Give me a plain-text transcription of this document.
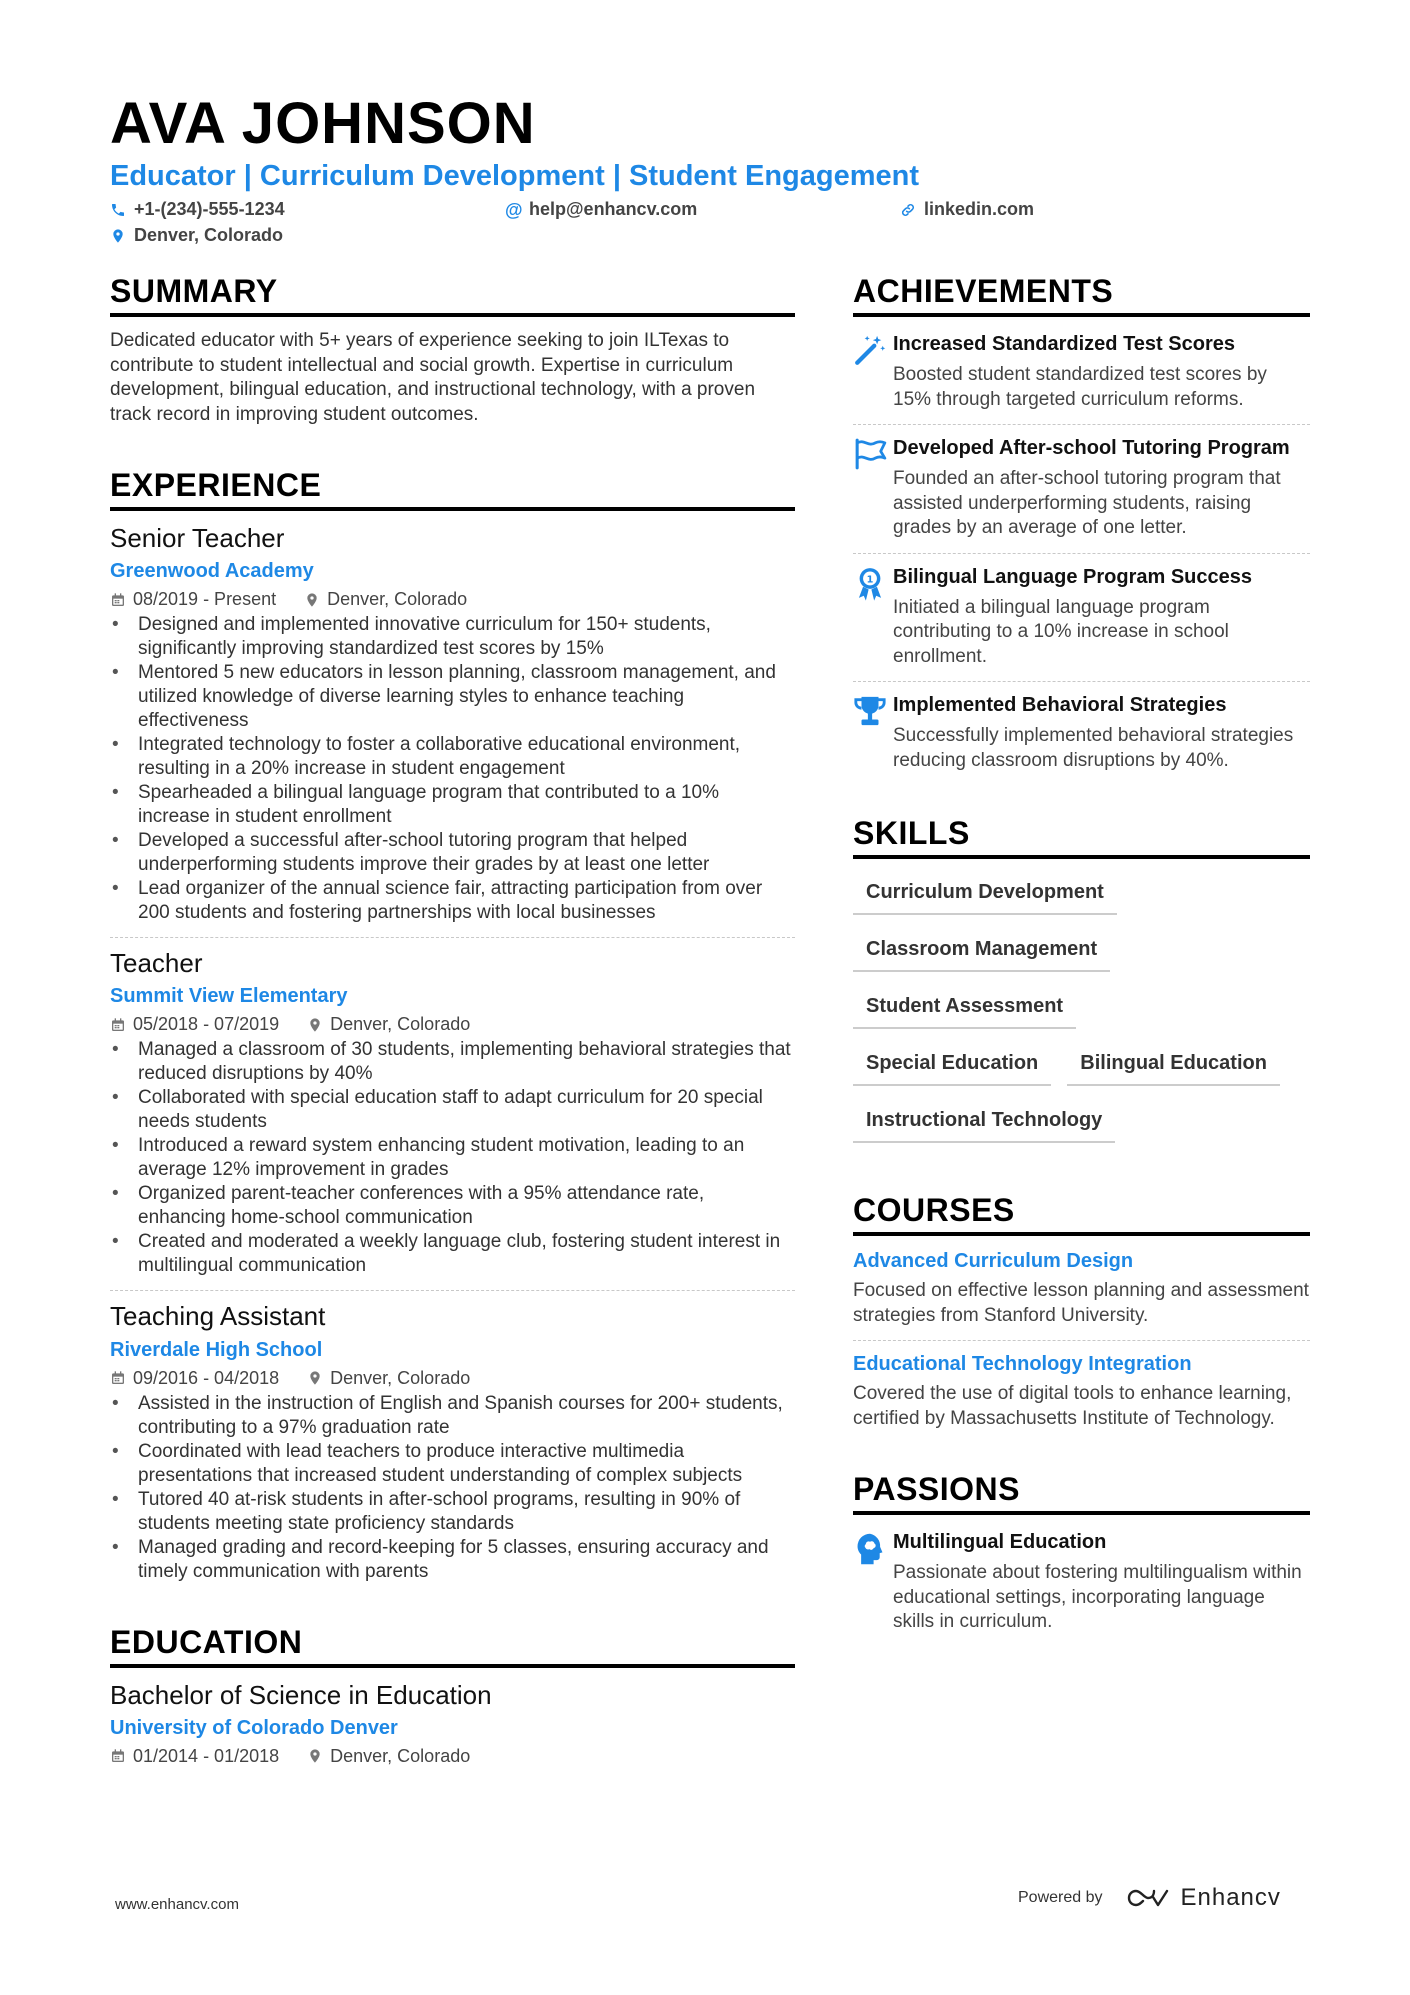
AVA JOHNSON
Educator | Curriculum Development | Student Engagement
+1-(234)-555-1234	@ help@enhancv.com	linkedin.com
Denver, Colorado
SUMMARY
Dedicated educator with 5+ years of experience seeking to join ILTexas to contribute to student intellectual and social growth. Expertise in curriculum development, bilingual education, and instructional technology, with a proven track record in improving student outcomes.
EXPERIENCE
Senior Teacher
Greenwood Academy
08/2019 - Present	Denver, Colorado
• Designed and implemented innovative curriculum for 150+ students, significantly improving standardized test scores by 15%
• Mentored 5 new educators in lesson planning, classroom management, and utilized knowledge of diverse learning styles to enhance teaching effectiveness
• Integrated technology to foster a collaborative educational environment, resulting in a 20% increase in student engagement
• Spearheaded a bilingual language program that contributed to a 10% increase in student enrollment
• Developed a successful after-school tutoring program that helped underperforming students improve their grades by at least one letter
• Lead organizer of the annual science fair, attracting participation from over 200 students and fostering partnerships with local businesses
Teacher
Summit View Elementary
05/2018 - 07/2019	Denver, Colorado
• Managed a classroom of 30 students, implementing behavioral strategies that reduced disruptions by 40%
• Collaborated with special education staff to adapt curriculum for 20 special needs students
• Introduced a reward system enhancing student motivation, leading to an average 12% improvement in grades
• Organized parent-teacher conferences with a 95% attendance rate, enhancing home-school communication
• Created and moderated a weekly language club, fostering student interest in multilingual communication
Teaching Assistant
Riverdale High School
09/2016 - 04/2018	Denver, Colorado
• Assisted in the instruction of English and Spanish courses for 200+ students, contributing to a 97% graduation rate
• Coordinated with lead teachers to produce interactive multimedia presentations that increased student understanding of complex subjects
• Tutored 40 at-risk students in after-school programs, resulting in 90% of students meeting state proficiency standards
• Managed grading and record-keeping for 5 classes, ensuring accuracy and timely communication with parents
EDUCATION
Bachelor of Science in Education
University of Colorado Denver
01/2014 - 01/2018	Denver, Colorado
ACHIEVEMENTS
Increased Standardized Test Scores
Boosted student standardized test scores by 15% through targeted curriculum reforms.
Developed After-school Tutoring Program
Founded an after-school tutoring program that assisted underperforming students, raising grades by an average of one letter.
1 Bilingual Language Program Success
Initiated a bilingual language program contributing to a 10% increase in school enrollment.
Implemented Behavioral Strategies
Successfully implemented behavioral strategies reducing classroom disruptions by 40%.
SKILLS
Curriculum Development
Classroom Management
Student Assessment
Special Education	Bilingual Education
Instructional Technology
COURSES
Advanced Curriculum Design
Focused on effective lesson planning and assessment strategies from Stanford University.
Educational Technology Integration
Covered the use of digital tools to enhance learning, certified by Massachusetts Institute of Technology.
PASSIONS
Multilingual Education
Passionate about fostering multilingualism within educational settings, incorporating language skills in curriculum.
www.enhancv.com	Powered by	Enhancv
